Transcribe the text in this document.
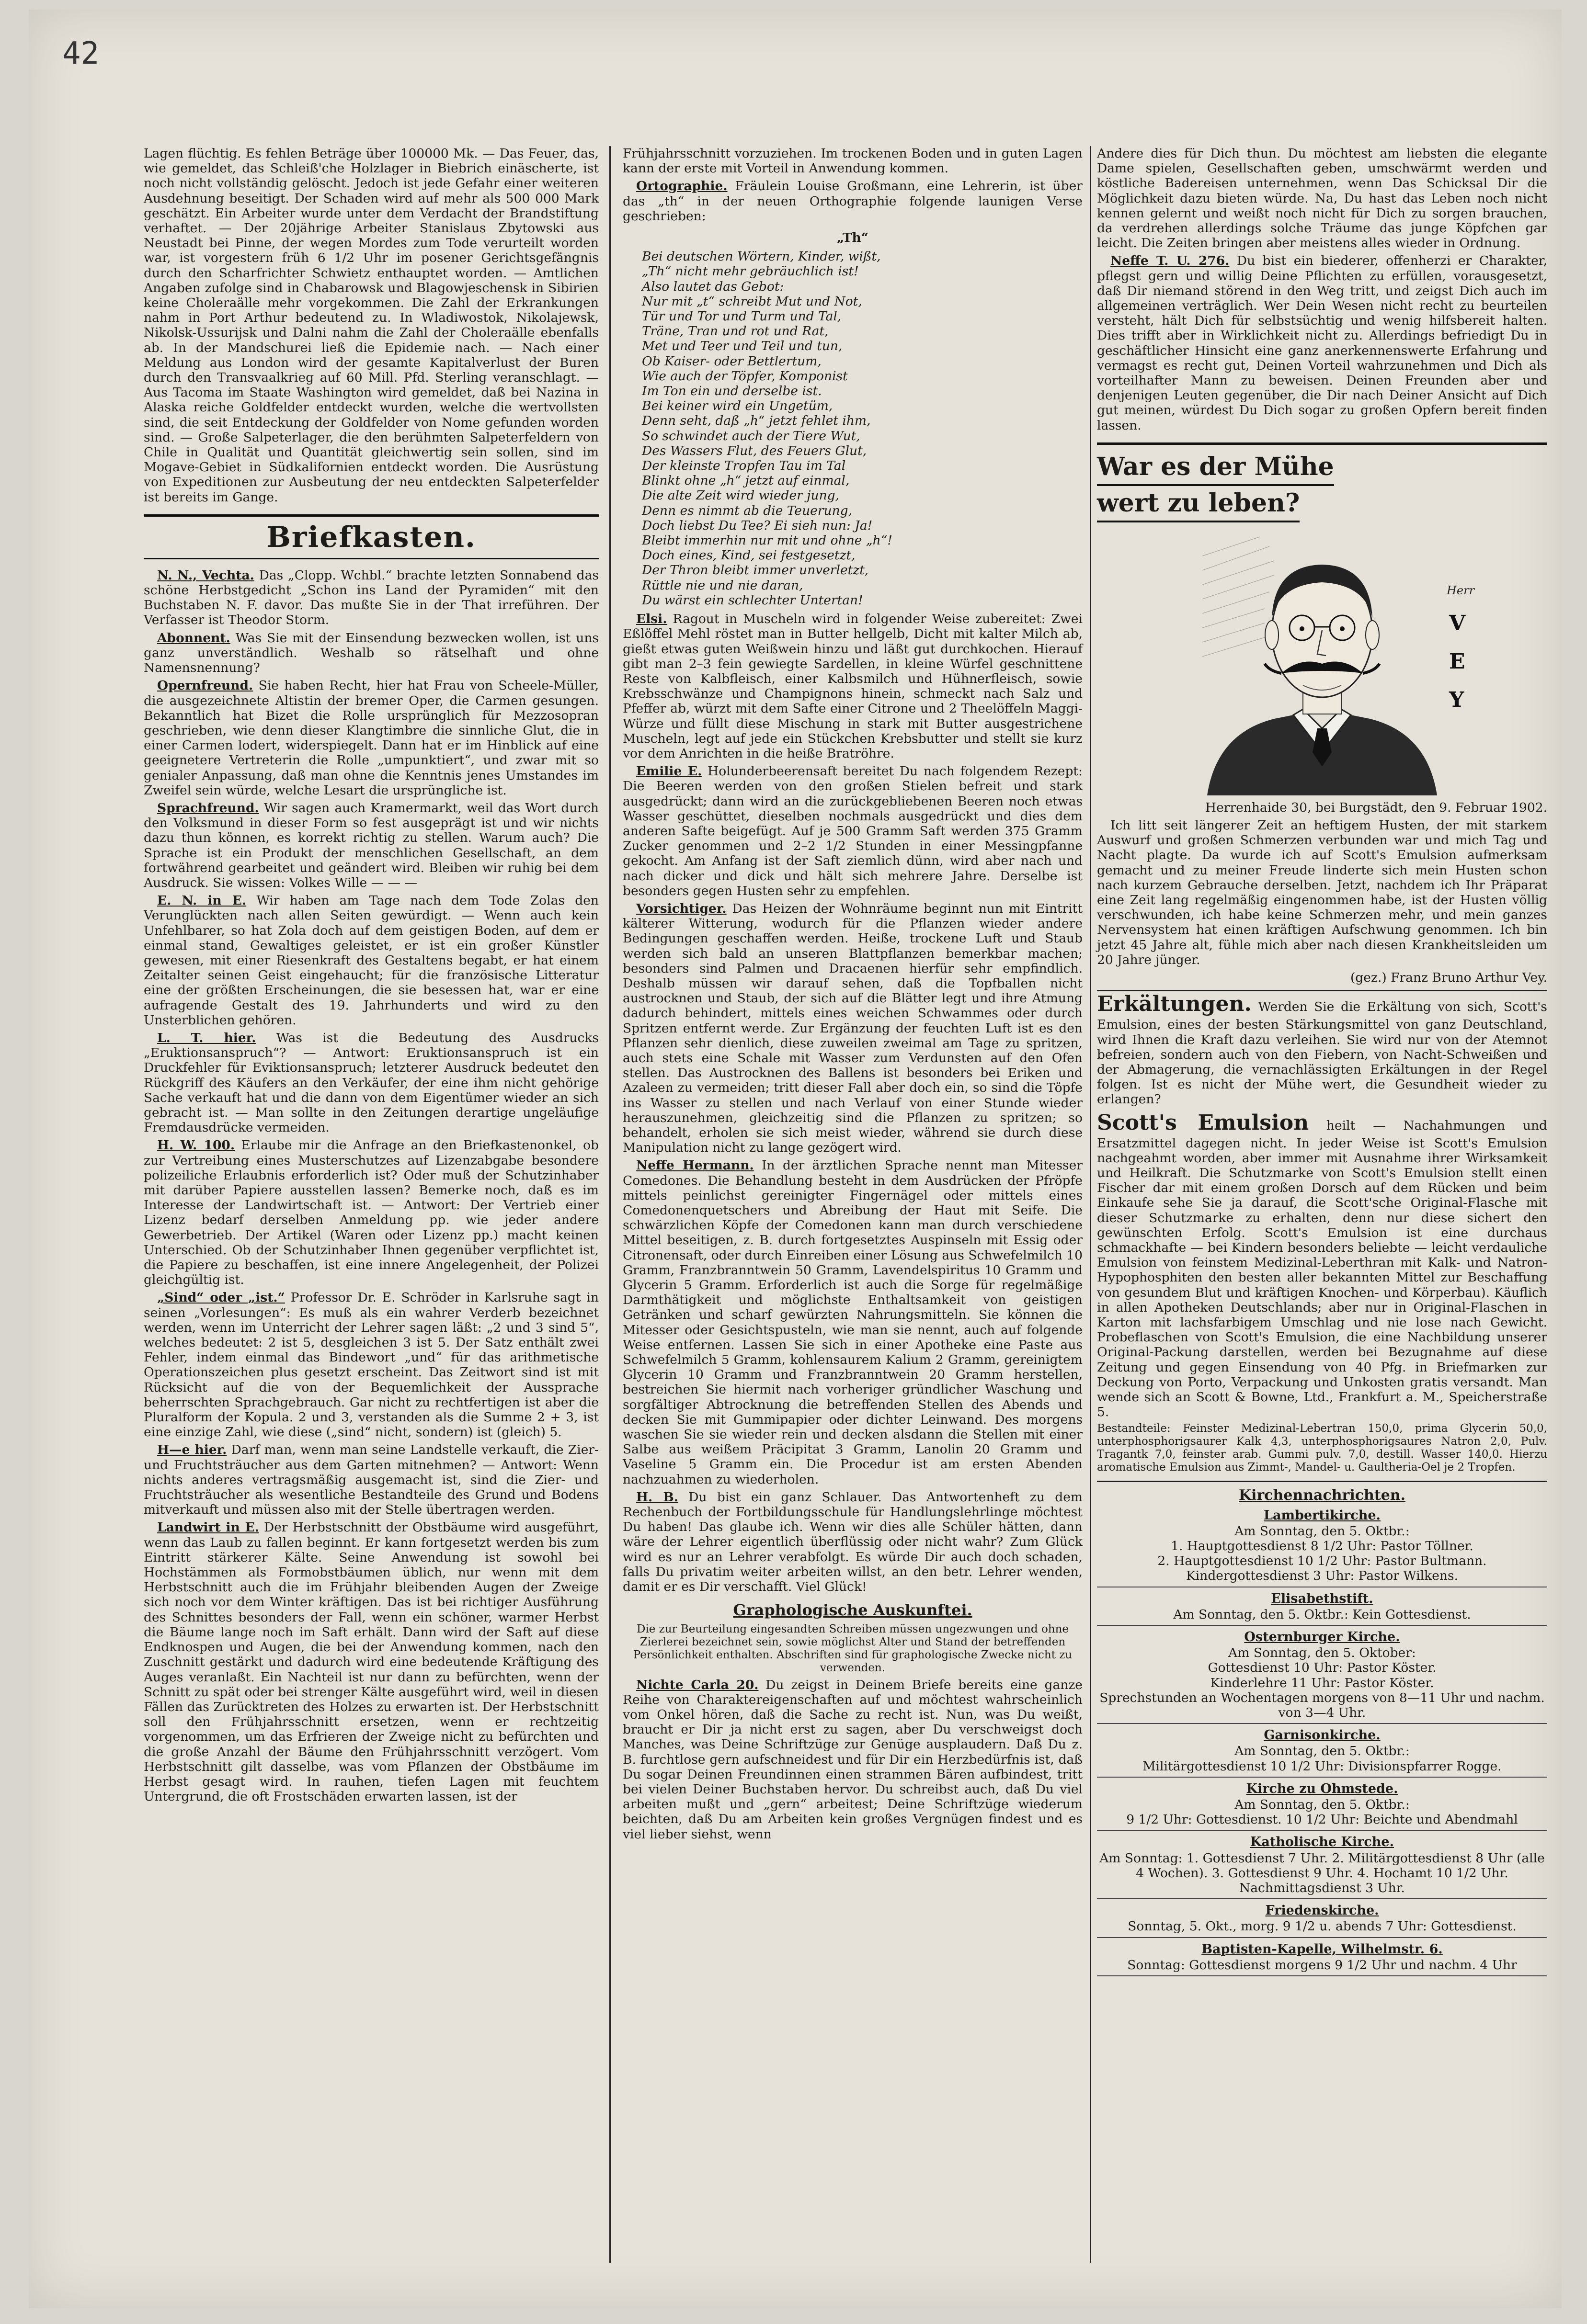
42

Lagen flüchtig. Es fehlen Beträge über 100000 Mk. — Das Feuer, das, wie gemeldet, das Schleiß'che Holzlager in Biebrich einäscherte, ist noch nicht vollständig gelöscht. Jedoch ist jede Gefahr einer weiteren Ausdehnung beseitigt. Der Schaden wird auf mehr als 500 000 Mark geschätzt. Ein Arbeiter wurde unter dem Verdacht der Brandstiftung verhaftet. — Der 20jährige Arbeiter Stanislaus Zbytowski aus Neustadt bei Pinne, der wegen Mordes zum Tode verurteilt worden war, ist vorgestern früh 6 1/2 Uhr im posener Gerichtsgefängnis durch den Scharfrichter Schwietz enthauptet worden. — Amtlichen Angaben zufolge sind in Chabarowsk und Blagowjeschensk in Sibirien keine Choleraälle mehr vorgekommen. Die Zahl der Erkrankungen nahm in Port Arthur bedeutend zu. In Wladiwostok, Nikolajewsk, Nikolsk-Ussurijsk und Dalni nahm die Zahl der Choleraälle ebenfalls ab. In der Mandschurei ließ die Epidemie nach. — Nach einer Meldung aus London wird der gesamte Kapitalverlust der Buren durch den Transvaalkrieg auf 60 Mill. Pfd. Sterling veranschlagt. — Aus Tacoma im Staate Washington wird gemeldet, daß bei Nazina in Alaska reiche Goldfelder entdeckt wurden, welche die wertvollsten sind, die seit Entdeckung der Goldfelder von Nome gefunden worden sind. — Große Salpeterlager, die den berühmten Salpeterfeldern von Chile in Qualität und Quantität gleichwertig sein sollen, sind im Mogave-Gebiet in Südkalifornien entdeckt worden. Die Ausrüstung von Expeditionen zur Ausbeutung der neu entdeckten Salpeterfelder ist bereits im Gange.

Briefkasten.

N. N., Vechta. Das „Clopp. Wchbl.“ brachte letzten Sonnabend das schöne Herbstgedicht „Schon ins Land der Pyramiden“ mit den Buchstaben N. F. davor. Das mußte Sie in der That irreführen. Der Verfasser ist Theodor Storm.

Abonnent. Was Sie mit der Einsendung bezwecken wollen, ist uns ganz unverständlich. Weshalb so rätselhaft und ohne Namensnennung?

Opernfreund. Sie haben Recht, hier hat Frau von Scheele-Müller, die ausgezeichnete Altistin der bremer Oper, die Carmen gesungen. Bekanntlich hat Bizet die Rolle ursprünglich für Mezzosopran geschrieben, wie denn dieser Klangtimbre die sinnliche Glut, die in einer Carmen lodert, widerspiegelt. Dann hat er im Hinblick auf eine geeignetere Vertreterin die Rolle „umpunktiert“, und zwar mit so genialer Anpassung, daß man ohne die Kenntnis jenes Umstandes im Zweifel sein würde, welche Lesart die ursprüngliche ist.

Sprachfreund. Wir sagen auch Kramermarkt, weil das Wort durch den Volksmund in dieser Form so fest ausgeprägt ist und wir nichts dazu thun können, es korrekt richtig zu stellen. Warum auch? Die Sprache ist ein Produkt der menschlichen Gesellschaft, an dem fortwährend gearbeitet und geändert wird. Bleiben wir ruhig bei dem Ausdruck. Sie wissen: Volkes Wille — — —

E. N. in E. Wir haben am Tage nach dem Tode Zolas den Verunglückten nach allen Seiten gewürdigt. — Wenn auch kein Unfehlbarer, so hat Zola doch auf dem geistigen Boden, auf dem er einmal stand, Gewaltiges geleistet, er ist ein großer Künstler gewesen, mit einer Riesenkraft des Gestaltens begabt, er hat einem Zeitalter seinen Geist eingehaucht; für die französische Litteratur eine der größten Erscheinungen, die sie besessen hat, war er eine aufragende Gestalt des 19. Jahrhunderts und wird zu den Unsterblichen gehören.

L. T. hier. Was ist die Bedeutung des Ausdrucks „Eruktionsanspruch“? — Antwort: Eruktionsanspruch ist ein Druckfehler für Eviktionsanspruch; letzterer Ausdruck bedeutet den Rückgriff des Käufers an den Verkäufer, der eine ihm nicht gehörige Sache verkauft hat und die dann von dem Eigentümer wieder an sich gebracht ist. — Man sollte in den Zeitungen derartige ungeläufige Fremdausdrücke vermeiden.

H. W. 100. Erlaube mir die Anfrage an den Briefkastenonkel, ob zur Vertreibung eines Musterschutzes auf Lizenzabgabe besondere polizeiliche Erlaubnis erforderlich ist? Oder muß der Schutzinhaber mit darüber Papiere ausstellen lassen? Bemerke noch, daß es im Interesse der Landwirtschaft ist. — Antwort: Der Vertrieb einer Lizenz bedarf derselben Anmeldung pp. wie jeder andere Gewerbetrieb. Der Artikel (Waren oder Lizenz pp.) macht keinen Unterschied. Ob der Schutzinhaber Ihnen gegenüber verpflichtet ist, die Papiere zu beschaffen, ist eine innere Angelegenheit, der Polizei gleichgültig ist.

„Sind“ oder „ist.“ Professor Dr. E. Schröder in Karlsruhe sagt in seinen „Vorlesungen“: Es muß als ein wahrer Verderb bezeichnet werden, wenn im Unterricht der Lehrer sagen läßt: „2 und 3 sind 5“, welches bedeutet: 2 ist 5, desgleichen 3 ist 5. Der Satz enthält zwei Fehler, indem einmal das Bindewort „und“ für das arithmetische Operationszeichen plus gesetzt erscheint. Das Zeitwort sind ist mit Rücksicht auf die von der Bequemlichkeit der Aussprache beherrschten Sprachgebrauch. Gar nicht zu rechtfertigen ist aber die Pluralform der Kopula. 2 und 3, verstanden als die Summe 2 + 3, ist eine einzige Zahl, wie diese („sind“ nicht, sondern) ist (gleich) 5.

H—e hier. Darf man, wenn man seine Landstelle verkauft, die Zier- und Fruchtsträucher aus dem Garten mitnehmen? — Antwort: Wenn nichts anderes vertragsmäßig ausgemacht ist, sind die Zier- und Fruchtsträucher als wesentliche Bestandteile des Grund und Bodens mitverkauft und müssen also mit der Stelle übertragen werden.

Landwirt in E. Der Herbstschnitt der Obstbäume wird ausgeführt, wenn das Laub zu fallen beginnt. Er kann fortgesetzt werden bis zum Eintritt stärkerer Kälte. Seine Anwendung ist sowohl bei Hochstämmen als Formobstbäumen üblich, nur wenn mit dem Herbstschnitt auch die im Frühjahr bleibenden Augen der Zweige sich noch vor dem Winter kräftigen. Das ist bei richtiger Ausführung des Schnittes besonders der Fall, wenn ein schöner, warmer Herbst die Bäume lange noch im Saft erhält. Dann wird der Saft auf diese Endknospen und Augen, die bei der Anwendung kommen, nach den Zuschnitt gestärkt und dadurch wird eine bedeutende Kräftigung des Auges veranlaßt. Ein Nachteil ist nur dann zu befürchten, wenn der Schnitt zu spät oder bei strenger Kälte ausgeführt wird, weil in diesen Fällen das Zurücktreten des Holzes zu erwarten ist. Der Herbstschnitt soll den Frühjahrsschnitt ersetzen, wenn er rechtzeitig vorgenommen, um das Erfrieren der Zweige nicht zu befürchten und die große Anzahl der Bäume den Frühjahrsschnitt verzögert. Vom Herbstschnitt gilt dasselbe, was vom Pflanzen der Obstbäume im Herbst gesagt wird. In rauhen, tiefen Lagen mit feuchtem Untergrund, die oft Frostschäden erwarten lassen, ist der

Frühjahrsschnitt vorzuziehen. Im trockenen Boden und in guten Lagen kann der erste mit Vorteil in Anwendung kommen.

Ortographie. Fräulein Louise Großmann, eine Lehrerin, ist über das „th“ in der neuen Orthographie folgende launigen Verse geschrieben:

„Th“
Bei deutschen Wörtern, Kinder, wißt,
„Th“ nicht mehr gebräuchlich ist!
Also lautet das Gebot:
Nur mit „t“ schreibt Mut und Not,
Tür und Tor und Turm und Tal,
Träne, Tran und rot und Rat,
Met und Teer und Teil und tun,
Ob Kaiser- oder Bettlertum,
Wie auch der Töpfer, Komponist
Im Ton ein und derselbe ist.
Bei keiner wird ein Ungetüm,
Denn seht, daß „h“ jetzt fehlet ihm,
So schwindet auch der Tiere Wut,
Des Wassers Flut, des Feuers Glut,
Der kleinste Tropfen Tau im Tal
Blinkt ohne „h“ jetzt auf einmal,
Die alte Zeit wird wieder jung,
Denn es nimmt ab die Teuerung,
Doch liebst Du Tee? Ei sieh nun: Ja!
Bleibt immerhin nur mit und ohne „h“!
Doch eines, Kind, sei festgesetzt,
Der Thron bleibt immer unverletzt,
Rüttle nie und nie daran,
Du wärst ein schlechter Untertan!

Elsi. Ragout in Muscheln wird in folgender Weise zubereitet: Zwei Eßlöffel Mehl röstet man in Butter hellgelb, Dicht mit kalter Milch ab, gießt etwas guten Weißwein hinzu und läßt gut durchkochen. Hierauf gibt man 2–3 fein gewiegte Sardellen, in kleine Würfel geschnittene Reste von Kalbfleisch, einer Kalbsmilch und Hühnerfleisch, sowie Krebsschwänze und Champignons hinein, schmeckt nach Salz und Pfeffer ab, würzt mit dem Safte einer Citrone und 2 Theelöffeln Maggi-Würze und füllt diese Mischung in stark mit Butter ausgestrichene Muscheln, legt auf jede ein Stückchen Krebsbutter und stellt sie kurz vor dem Anrichten in die heiße Bratröhre.

Emilie E. Holunderbeerensaft bereitet Du nach folgendem Rezept: Die Beeren werden von den großen Stielen befreit und stark ausgedrückt; dann wird an die zurückgebliebenen Beeren noch etwas Wasser geschüttet, dieselben nochmals ausgedrückt und dies dem anderen Safte beigefügt. Auf je 500 Gramm Saft werden 375 Gramm Zucker genommen und 2–2 1/2 Stunden in einer Messingpfanne gekocht. Am Anfang ist der Saft ziemlich dünn, wird aber nach und nach dicker und dick und hält sich mehrere Jahre. Derselbe ist besonders gegen Husten sehr zu empfehlen.

Vorsichtiger. Das Heizen der Wohnräume beginnt nun mit Eintritt kälterer Witterung, wodurch für die Pflanzen wieder andere Bedingungen geschaffen werden. Heiße, trockene Luft und Staub werden sich bald an unseren Blattpflanzen bemerkbar machen; besonders sind Palmen und Dracaenen hierfür sehr empfindlich. Deshalb müssen wir darauf sehen, daß die Topfballen nicht austrocknen und Staub, der sich auf die Blätter legt und ihre Atmung dadurch behindert, mittels eines weichen Schwammes oder durch Spritzen entfernt werde. Zur Ergänzung der feuchten Luft ist es den Pflanzen sehr dienlich, diese zuweilen zweimal am Tage zu spritzen, auch stets eine Schale mit Wasser zum Verdunsten auf den Ofen stellen. Das Austrocknen des Ballens ist besonders bei Eriken und Azaleen zu vermeiden; tritt dieser Fall aber doch ein, so sind die Töpfe ins Wasser zu stellen und nach Verlauf von einer Stunde wieder herauszunehmen, gleichzeitig sind die Pflanzen zu spritzen; so behandelt, erholen sie sich meist wieder, während sie durch diese Manipulation nicht zu lange gezögert wird.

Neffe Hermann. In der ärztlichen Sprache nennt man Mitesser Comedones. Die Behandlung besteht in dem Ausdrücken der Pfröpfe mittels peinlichst gereinigter Fingernägel oder mittels eines Comedonenquetschers und Abreibung der Haut mit Seife. Die schwärzlichen Köpfe der Comedonen kann man durch verschiedene Mittel beseitigen, z. B. durch fortgesetztes Auspinseln mit Essig oder Citronensaft, oder durch Einreiben einer Lösung aus Schwefelmilch 10 Gramm, Franzbranntwein 50 Gramm, Lavendelspiritus 10 Gramm und Glycerin 5 Gramm. Erforderlich ist auch die Sorge für regelmäßige Darmthätigkeit und möglichste Enthaltsamkeit von geistigen Getränken und scharf gewürzten Nahrungsmitteln. Sie können die Mitesser oder Gesichtspusteln, wie man sie nennt, auch auf folgende Weise entfernen. Lassen Sie sich in einer Apotheke eine Paste aus Schwefelmilch 5 Gramm, kohlensaurem Kalium 2 Gramm, gereinigtem Glycerin 10 Gramm und Franzbranntwein 20 Gramm herstellen, bestreichen Sie hiermit nach vorheriger gründlicher Waschung und sorgfältiger Abtrocknung die betreffenden Stellen des Abends und decken Sie mit Gummipapier oder dichter Leinwand. Des morgens waschen Sie sie wieder rein und decken alsdann die Stellen mit einer Salbe aus weißem Präcipitat 3 Gramm, Lanolin 20 Gramm und Vaseline 5 Gramm ein. Die Procedur ist am ersten Abenden nachzuahmen zu wiederholen.

H. B. Du bist ein ganz Schlauer. Das Antwortenheft zu dem Rechenbuch der Fortbildungsschule für Handlungslehrlinge möchtest Du haben! Das glaube ich. Wenn wir dies alle Schüler hätten, dann wäre der Lehrer eigentlich überflüssig oder nicht wahr? Zum Glück wird es nur an Lehrer verabfolgt. Es würde Dir auch doch schaden, falls Du privatim weiter arbeiten willst, an den betr. Lehrer wenden, damit er es Dir verschafft. Viel Glück!

Graphologische Auskunftei.

Die zur Beurteilung eingesandten Schreiben müssen ungezwungen und ohne Zierlerei bezeichnet sein, sowie möglichst Alter und Stand der betreffenden Persönlichkeit enthalten. Abschriften sind für graphologische Zwecke nicht zu verwenden.

Nichte Carla 20. Du zeigst in Deinem Briefe bereits eine ganze Reihe von Charaktereigenschaften auf und möchtest wahrscheinlich vom Onkel hören, daß die Sache zu recht ist. Nun, was Du weißt, braucht er Dir ja nicht erst zu sagen, aber Du verschweigst doch Manches, was Deine Schriftzüge zur Genüge ausplaudern. Daß Du z. B. furchtlose gern aufschneidest und für Dir ein Herzbedürfnis ist, daß Du sogar Deinen Freundinnen einen strammen Bären aufbindest, tritt bei vielen Deiner Buchstaben hervor. Du schreibst auch, daß Du viel arbeiten mußt und „gern“ arbeitest; Deine Schriftzüge wiederum beichten, daß Du am Arbeiten kein großes Vergnügen findest und es viel lieber siehst, wenn

Andere dies für Dich thun. Du möchtest am liebsten die elegante Dame spielen, Gesellschaften geben, umschwärmt werden und köstliche Badereisen unternehmen, wenn Das Schicksal Dir die Möglichkeit dazu bieten würde. Na, Du hast das Leben noch nicht kennen gelernt und weißt noch nicht für Dich zu sorgen brauchen, da verdrehen allerdings solche Träume das junge Köpfchen gar leicht. Die Zeiten bringen aber meistens alles wieder in Ordnung.

Neffe T. U. 276. Du bist ein biederer, offenherzi er Charakter, pflegst gern und willig Deine Pflichten zu erfüllen, vorausgesetzt, daß Dir niemand störend in den Weg tritt, und zeigst Dich auch im allgemeinen verträglich. Wer Dein Wesen nicht recht zu beurteilen versteht, hält Dich für selbstsüchtig und wenig hilfsbereit halten. Dies trifft aber in Wirklichkeit nicht zu. Allerdings befriedigt Du in geschäftlicher Hinsicht eine ganz anerkennenswerte Erfahrung und vermagst es recht gut, Deinen Vorteil wahrzunehmen und Dich als vorteilhafter Mann zu beweisen. Deinen Freunden aber und denjenigen Leuten gegenüber, die Dir nach Deiner Ansicht auf Dich gut meinen, würdest Du Dich sogar zu großen Opfern bereit finden lassen.

War es der Mühe
wert zu leben?
Herr
V
E
Y

Herrenhaide 30, bei Burgstädt, den 9. Februar 1902.

Ich litt seit längerer Zeit an heftigem Husten, der mit starkem Auswurf und großen Schmerzen verbunden war und mich Tag und Nacht plagte. Da wurde ich auf Scott's Emulsion aufmerksam gemacht und zu meiner Freude linderte sich mein Husten schon nach kurzem Gebrauche derselben. Jetzt, nachdem ich Ihr Präparat eine Zeit lang regelmäßig eingenommen habe, ist der Husten völlig verschwunden, ich habe keine Schmerzen mehr, und mein ganzes Nervensystem hat einen kräftigen Aufschwung genommen. Ich bin jetzt 45 Jahre alt, fühle mich aber nach diesen Krankheitsleiden um 20 Jahre jünger.

(gez.) Franz Bruno Arthur Vey.

Erkältungen. Werden Sie die Erkältung von sich, Scott's Emulsion, eines der besten Stärkungsmittel von ganz Deutschland, wird Ihnen die Kraft dazu verleihen. Sie wird nur von der Atemnot befreien, sondern auch von den Fiebern, von Nacht-Schweißen und der Abmagerung, die vernachlässigten Erkältungen in der Regel folgen. Ist es nicht der Mühe wert, die Gesundheit wieder zu erlangen?

Scott's Emulsion heilt — Nachahmungen und Ersatzmittel dagegen nicht. In jeder Weise ist Scott's Emulsion nachgeahmt worden, aber immer mit Ausnahme ihrer Wirksamkeit und Heilkraft. Die Schutzmarke von Scott's Emulsion stellt einen Fischer dar mit einem großen Dorsch auf dem Rücken und beim Einkaufe sehe Sie ja darauf, die Scott'sche Original-Flasche mit dieser Schutzmarke zu erhalten, denn nur diese sichert den gewünschten Erfolg. Scott's Emulsion ist eine durchaus schmackhafte — bei Kindern besonders beliebte — leicht verdauliche Emulsion von feinstem Medizinal-Leberthran mit Kalk- und Natron-Hypophosphiten den besten aller bekannten Mittel zur Beschaffung von gesundem Blut und kräftigen Knochen- und Körperbau). Käuflich in allen Apotheken Deutschlands; aber nur in Original-Flaschen in Karton mit lachsfarbigem Umschlag und nie lose nach Gewicht. Probeflaschen von Scott's Emulsion, die eine Nachbildung unserer Original-Packung darstellen, werden bei Bezugnahme auf diese Zeitung und gegen Einsendung von 40 Pfg. in Briefmarken zur Deckung von Porto, Verpackung und Unkosten gratis versandt. Man wende sich an Scott & Bowne, Ltd., Frankfurt a. M., Speicherstraße 5.

Bestandteile: Feinster Medizinal-Lebertran 150,0, prima Glycerin 50,0, unterphosphorigsaurer Kalk 4,3, unterphosphorigsaures Natron 2,0, Pulv. Tragantk 7,0, feinster arab. Gummi pulv. 7,0, destill. Wasser 140,0. Hierzu aromatische Emulsion aus Zimmt-, Mandel- u. Gaultheria-Oel je 2 Tropfen.

Kirchennachrichten.
Lambertikirche.

Am Sonntag, den 5. Oktbr.:

1. Hauptgottesdienst 8 1/2 Uhr: Pastor Töllner.

2. Hauptgottesdienst 10 1/2 Uhr: Pastor Bultmann.

Kindergottesdienst 3 Uhr: Pastor Wilkens.

Elisabethstift.

Am Sonntag, den 5. Oktbr.: Kein Gottesdienst.

Osternburger Kirche.

Am Sonntag, den 5. Oktober:

Gottesdienst 10 Uhr: Pastor Köster.

Kinderlehre 11 Uhr: Pastor Köster.

Sprechstunden an Wochentagen morgens von 8—11 Uhr und nachm. von 3—4 Uhr.

Garnisonkirche.

Am Sonntag, den 5. Oktbr.:

Militärgottesdienst 10 1/2 Uhr: Divisionspfarrer Rogge.

Kirche zu Ohmstede.

Am Sonntag, den 5. Oktbr.:

9 1/2 Uhr: Gottesdienst. 10 1/2 Uhr: Beichte und Abendmahl

Katholische Kirche.

Am Sonntag: 1. Gottesdienst 7 Uhr. 2. Militärgottesdienst 8 Uhr (alle 4 Wochen). 3. Gottesdienst 9 Uhr. 4. Hochamt 10 1/2 Uhr. Nachmittagsdienst 3 Uhr.

Friedenskirche.

Sonntag, 5. Okt., morg. 9 1/2 u. abends 7 Uhr: Gottesdienst.

Baptisten-Kapelle, Wilhelmstr. 6.

Sonntag: Gottesdienst morgens 9 1/2 Uhr und nachm. 4 Uhr
